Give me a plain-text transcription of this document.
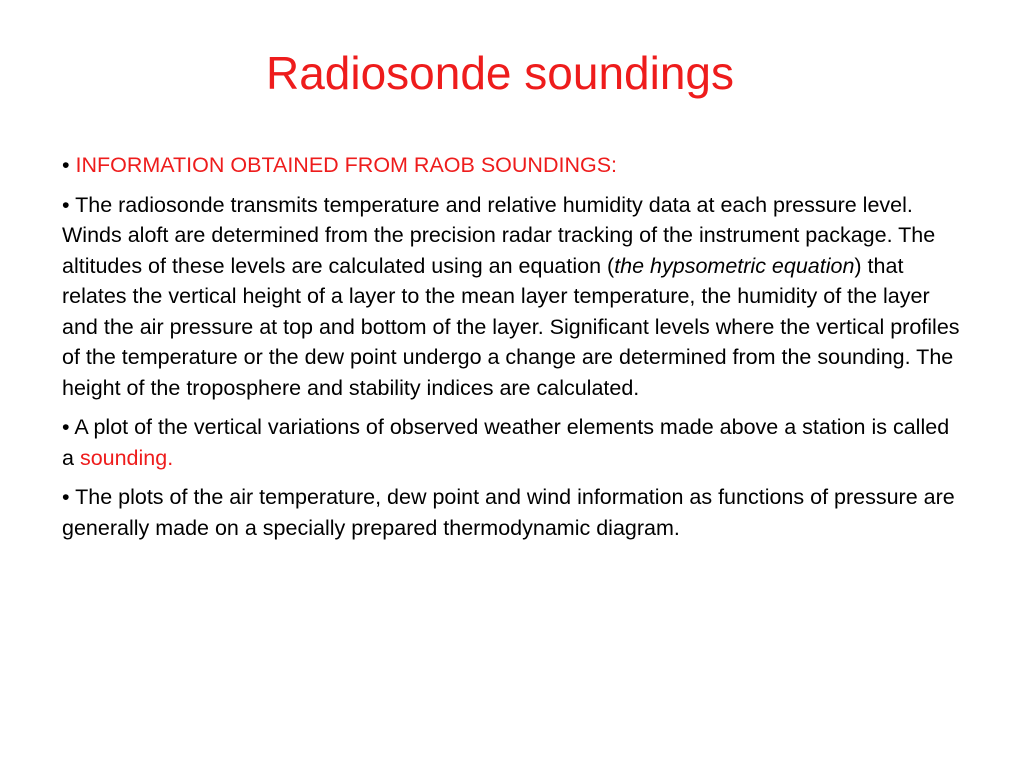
Radiosonde soundings

• INFORMATION OBTAINED FROM RAOB SOUNDINGS:

• The radiosonde transmits temperature and relative humidity data at each pressure level. Winds aloft are determined from the precision radar tracking of the instrument package. The altitudes of these levels are calculated using an equation (the hypsometric equation) that relates the vertical height of a layer to the mean layer temperature, the humidity of the layer and the air pressure at top and bottom of the layer. Significant levels where the vertical profiles of the temperature or the dew point undergo a change are determined from the sounding. The height of the troposphere and stability indices are calculated.

• A plot of the vertical variations of observed weather elements made above a station is called a sounding.

• The plots of the air temperature, dew point and wind information as functions of pressure are generally made on a specially prepared thermodynamic diagram.
